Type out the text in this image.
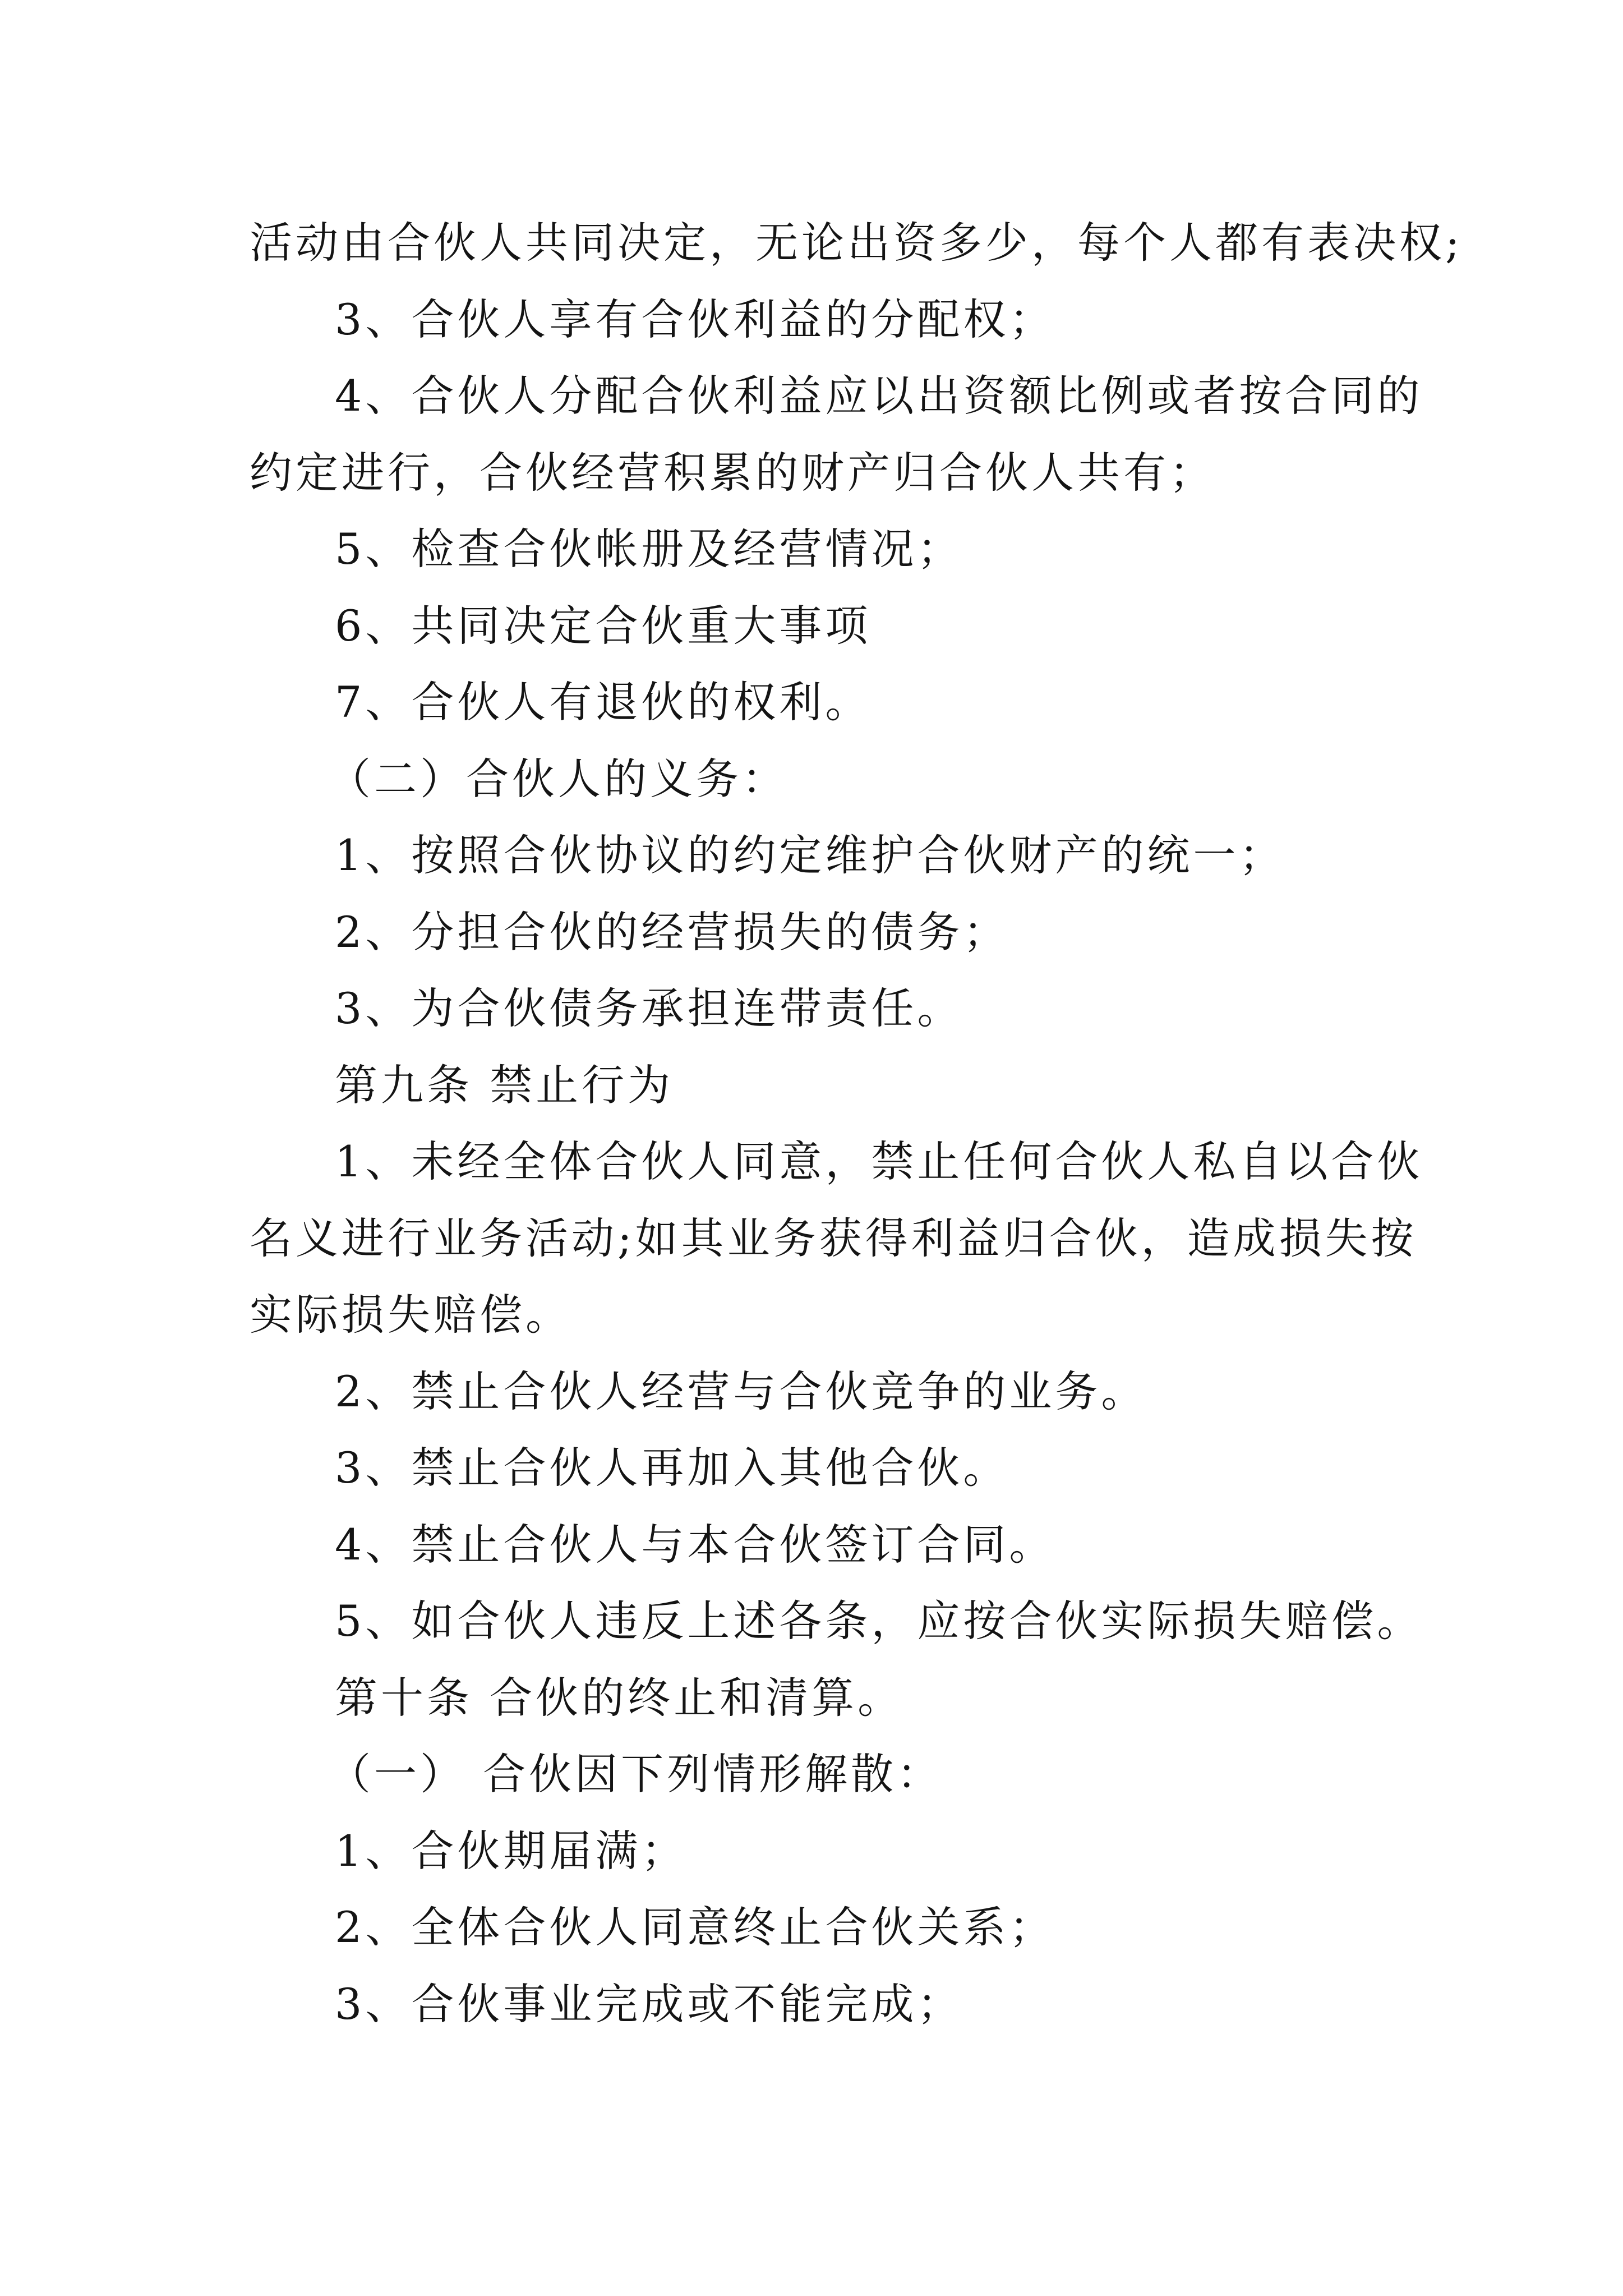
活动由合伙人共同决定，无论出资多少，每个人都有表决权;
3、合伙人享有合伙利益的分配权；
4、合伙人分配合伙利益应以出资额比例或者按合同的
约定进行，合伙经营积累的财产归合伙人共有；
5、检查合伙帐册及经营情况；
6、共同决定合伙重大事项
7、合伙人有退伙的权利。
（二）合伙人的义务：
1、按照合伙协议的约定维护合伙财产的统一；
2、分担合伙的经营损失的债务；
3、为合伙债务承担连带责任。
第九条 禁止行为
1、未经全体合伙人同意，禁止任何合伙人私自以合伙
名义进行业务活动;如其业务获得利益归合伙，造成损失按
实际损失赔偿。
2、禁止合伙人经营与合伙竞争的业务。
3、禁止合伙人再加入其他合伙。
4、禁止合伙人与本合伙签订合同。
5、如合伙人违反上述各条，应按合伙实际损失赔偿。
第十条 合伙的终止和清算。
（一） 合伙因下列情形解散：
1、合伙期届满；
2、全体合伙人同意终止合伙关系；
3、合伙事业完成或不能完成；
